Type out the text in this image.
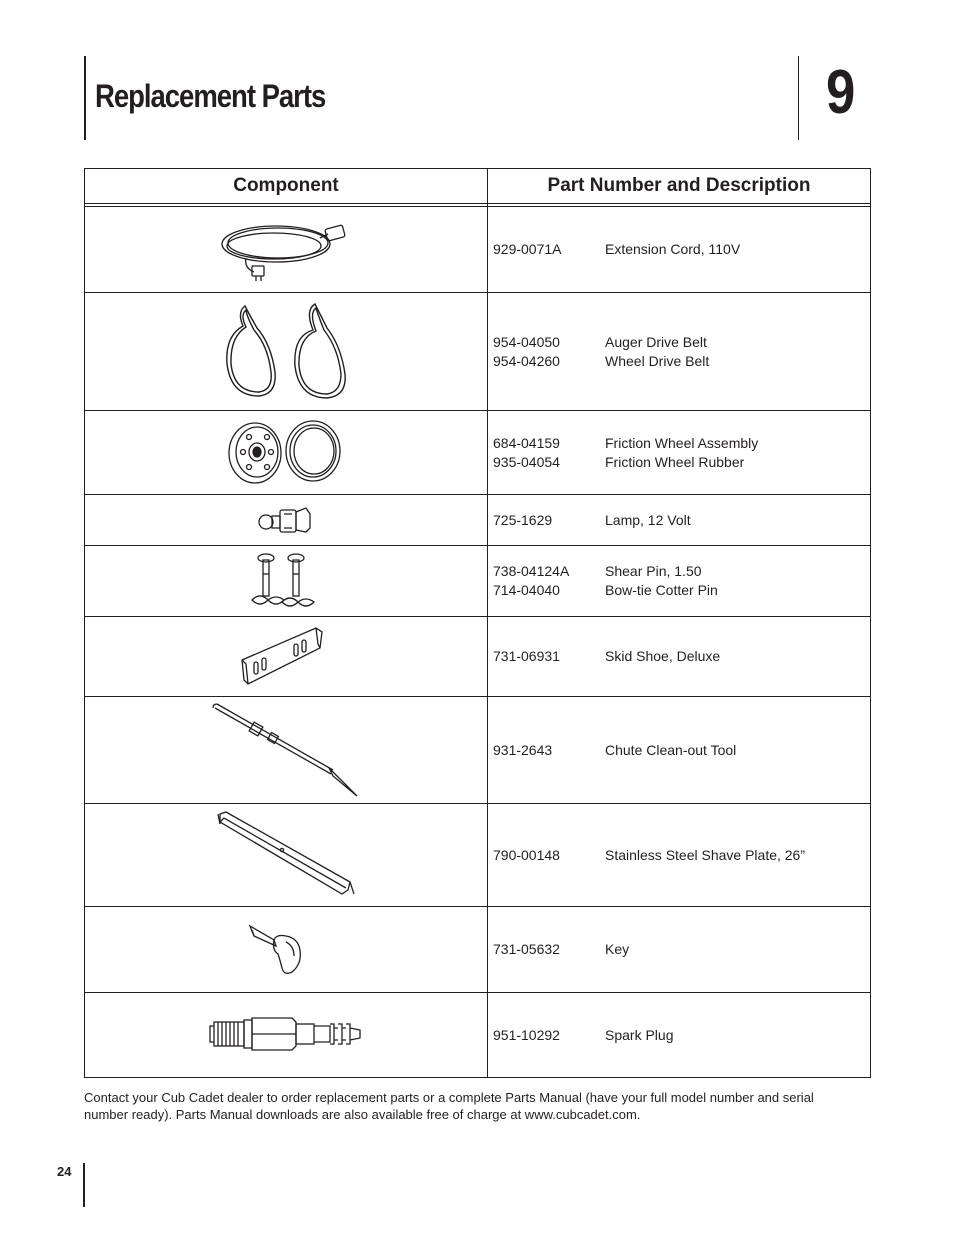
Replacement Parts	9
Component	Part Number and Description

929-0071A Extension Cord, 110V

954-04050 Auger Drive Belt
954-04260 Wheel Drive Belt

684-04159 Friction Wheel Assembly
935-04054 Friction Wheel Rubber

725-1629 Lamp, 12 Volt

738-04124A Shear Pin, 1.50
714-04040 Bow-tie Cotter Pin

731-06931 Skid Shoe, Deluxe

931-2643 Chute Clean-out Tool

790-00148 Stainless Steel Shave Plate, 26”

731-05632 Key

951-10292 Spark Plug

Contact your Cub Cadet dealer to order replacement parts or a complete Parts Manual (have your full model number and serial number ready). Parts Manual downloads are also available free of charge at www.cubcadet.com.

24
